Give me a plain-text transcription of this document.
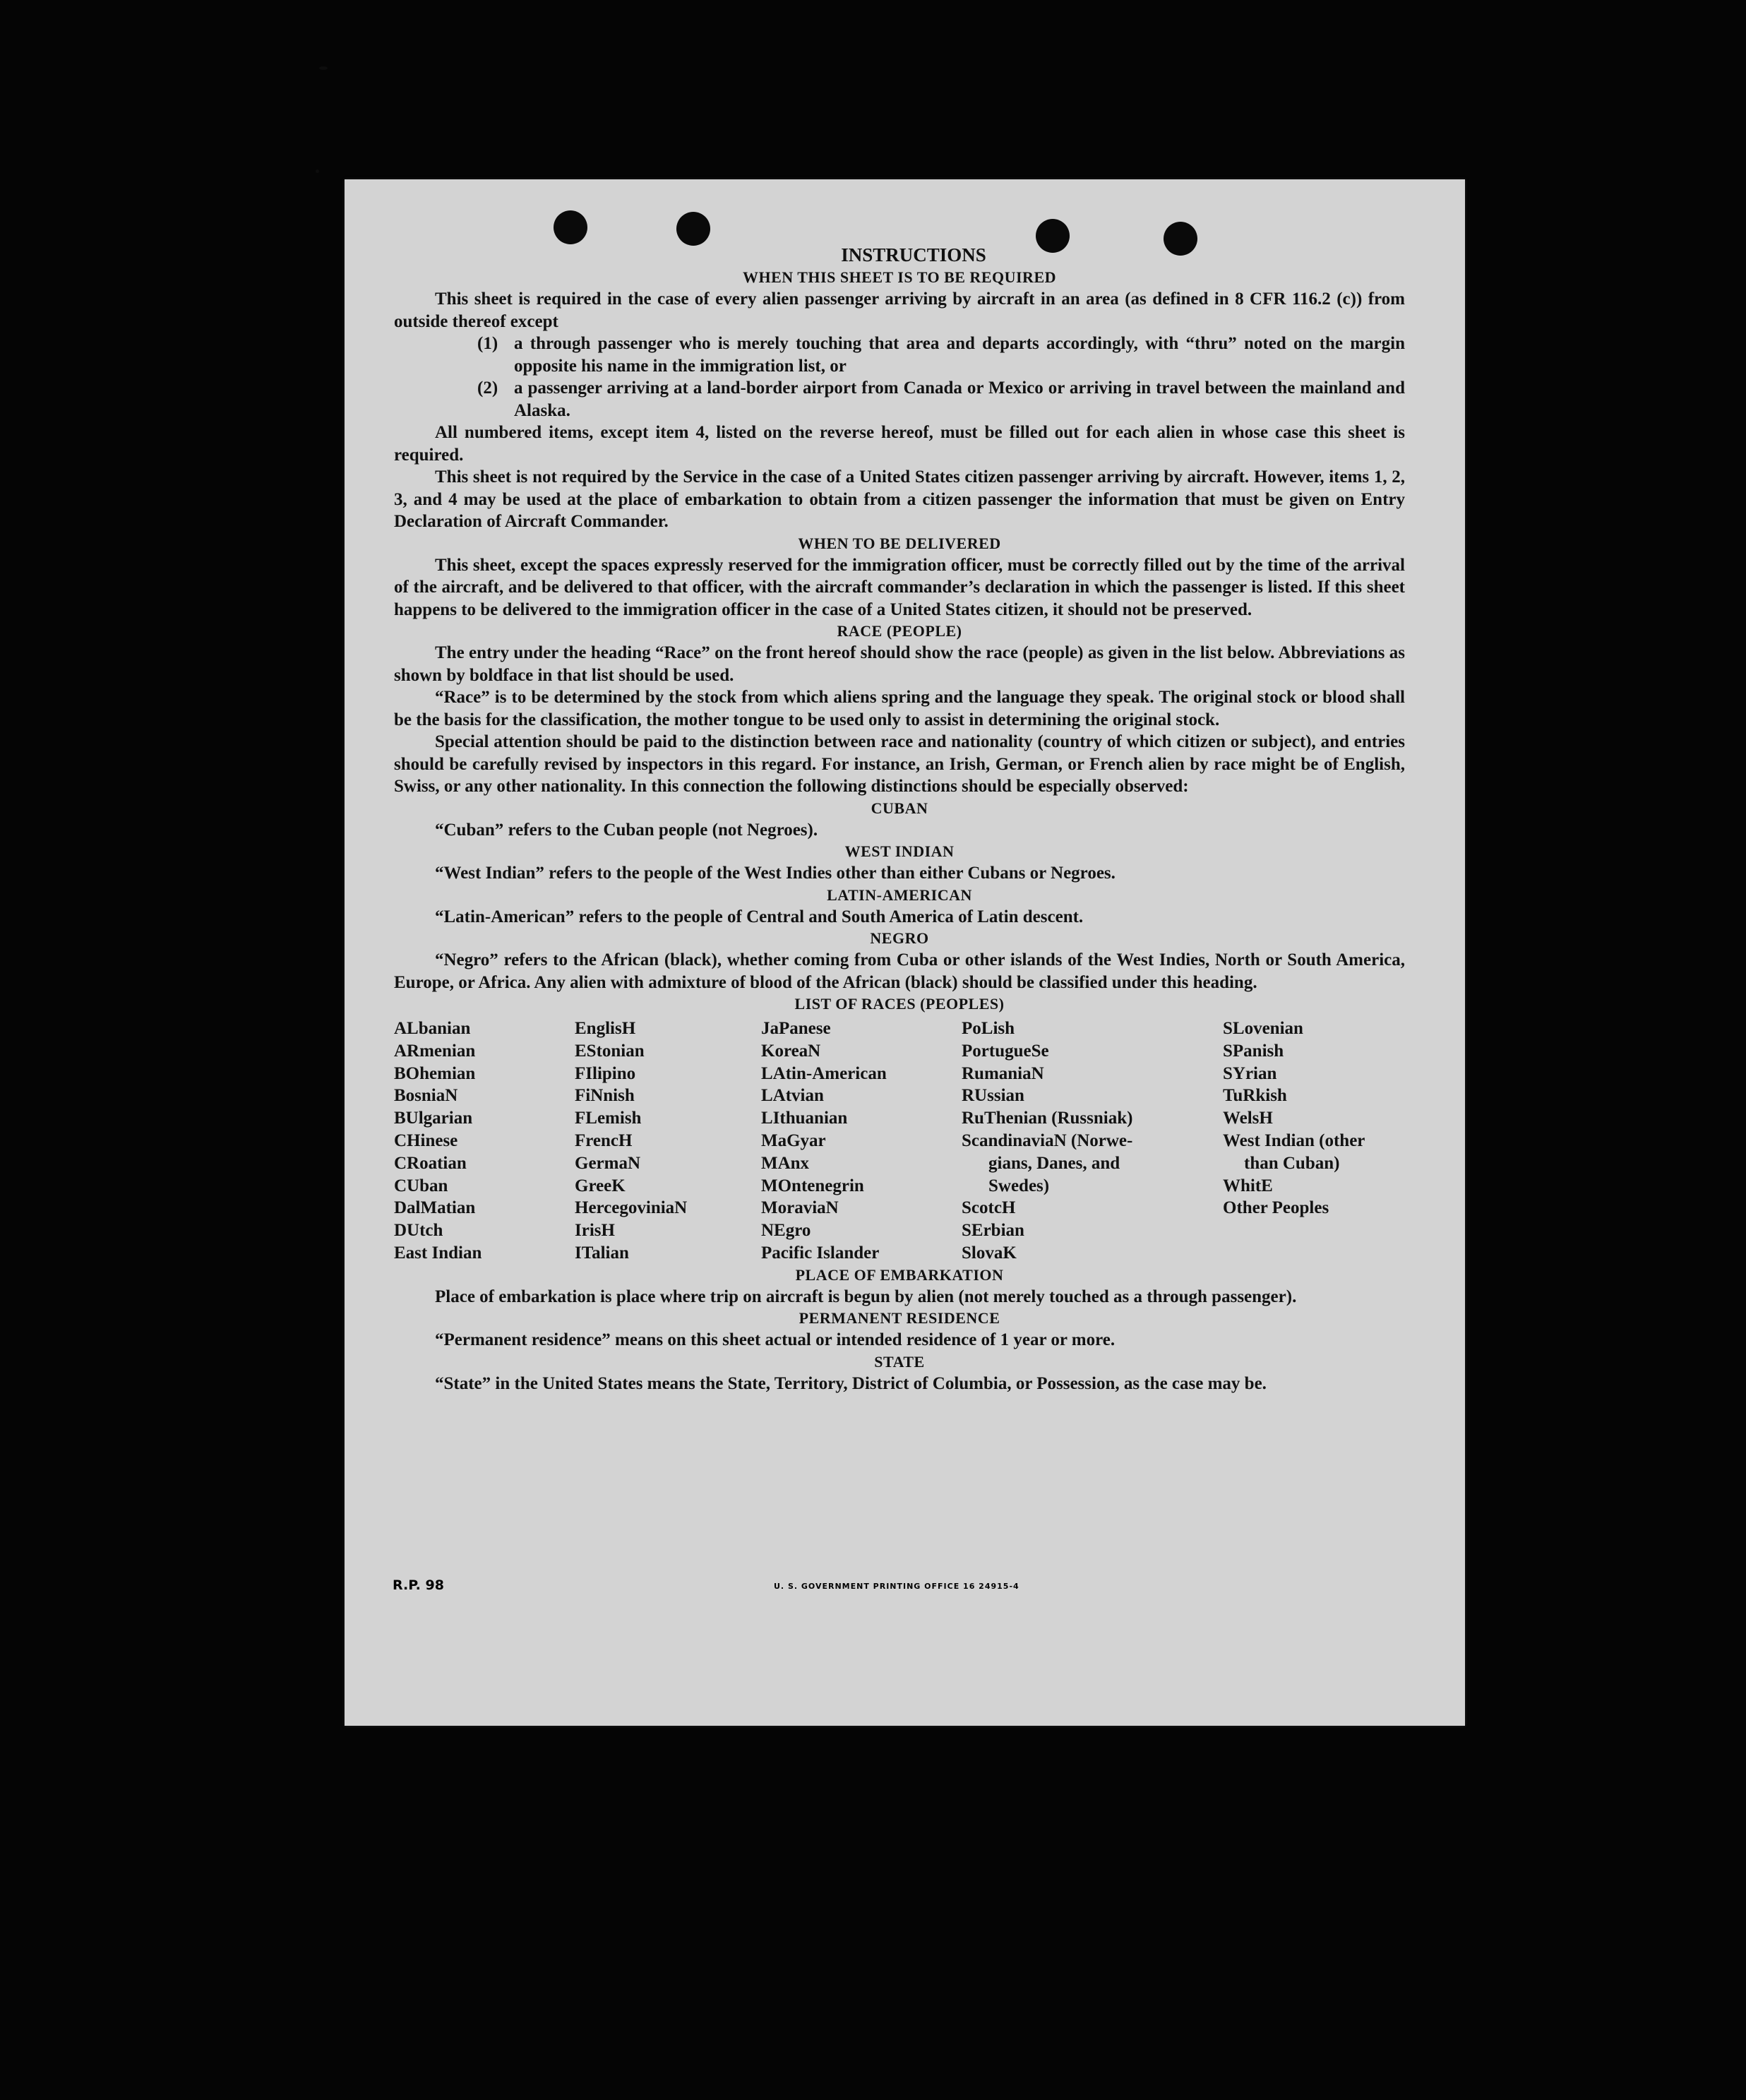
INSTRUCTIONS
WHEN THIS SHEET IS TO BE REQUIRED

This sheet is required in the case of every alien passenger arriving by aircraft in an area (as defined in 8 CFR 116.2 (c)) from outside thereof except

(1) a through passenger who is merely touching that area and departs accordingly, with “thru” noted on the margin opposite his name in the immigration list, or
(2) a passenger arriving at a land-border airport from Canada or Mexico or arriving in travel between the mainland and Alaska.

All numbered items, except item 4, listed on the reverse hereof, must be filled out for each alien in whose case this sheet is required.

This sheet is not required by the Service in the case of a United States citizen passenger arriving by aircraft. However, items 1, 2, 3, and 4 may be used at the place of embarkation to obtain from a citizen passenger the information that must be given on Entry Declaration of Aircraft Commander.

WHEN TO BE DELIVERED

This sheet, except the spaces expressly reserved for the immigration officer, must be correctly filled out by the time of the arrival of the aircraft, and be delivered to that officer, with the aircraft commander’s declaration in which the passenger is listed. If this sheet happens to be delivered to the immigration officer in the case of a United States citizen, it should not be preserved.

RACE (PEOPLE)

The entry under the heading “Race” on the front hereof should show the race (people) as given in the list below. Abbreviations as shown by boldface in that list should be used.

“Race” is to be determined by the stock from which aliens spring and the language they speak. The original stock or blood shall be the basis for the classification, the mother tongue to be used only to assist in determining the original stock.

Special attention should be paid to the distinction between race and nationality (country of which citizen or subject), and entries should be carefully revised by inspectors in this regard. For instance, an Irish, German, or French alien by race might be of English, Swiss, or any other nationality. In this connection the following distinctions should be especially observed:

CUBAN

“Cuban” refers to the Cuban people (not Negroes).

WEST INDIAN

“West Indian” refers to the people of the West Indies other than either Cubans or Negroes.

LATIN-AMERICAN

“Latin-American” refers to the people of Central and South America of Latin descent.

NEGRO

“Negro” refers to the African (black), whether coming from Cuba or other islands of the West Indies, North or South America, Europe, or Africa. Any alien with admixture of blood of the African (black) should be classified under this heading.

LIST OF RACES (PEOPLES)
ALbanian
ARmenian
BOhemian
BosniaN
BUlgarian
CHinese
CRoatian
CUban
DalMatian
DUtch
East Indian
EnglisH
EStonian
FIlipino
FiNnish
FLemish
FrencH
GermaN
GreeK
HercegoviniaN
IrisH
ITalian
JaPanese
KoreaN
LAtin-American
LAtvian
LIthuanian
MaGyar
MAnx
MOntenegrin
MoraviaN
NEgro
Pacific Islander
PoLish
PortugueSe
RumaniaN
RUssian
RuThenian (Russniak)
ScandinaviaN (Norwe-
gians, Danes, and
Swedes)
ScotcH
SErbian
SlovaK
SLovenian
SPanish
SYrian
TuRkish
WelsH
West Indian (other
than Cuban)
WhitE
Other Peoples
PLACE OF EMBARKATION

Place of embarkation is place where trip on aircraft is begun by alien (not merely touched as a through passenger).

PERMANENT RESIDENCE

“Permanent residence” means on this sheet actual or intended residence of 1 year or more.

STATE

“State” in the United States means the State, Territory, District of Columbia, or Possession, as the case may be.

R.P. 98	U. S. GOVERNMENT PRINTING OFFICE 16 24915-4
